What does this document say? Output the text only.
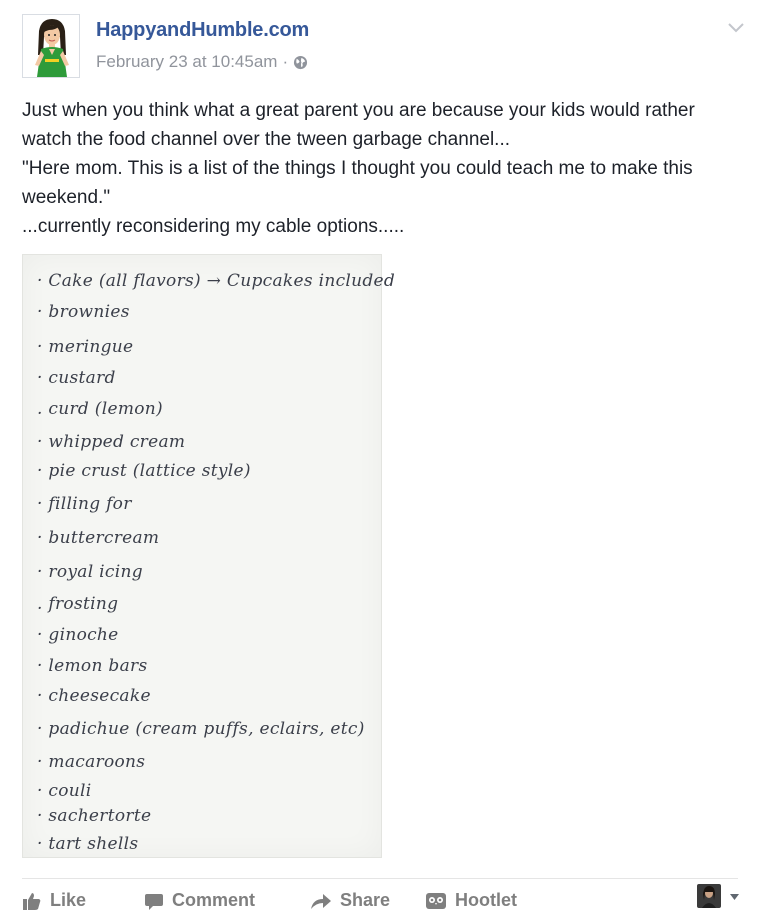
HappyandHumble.com
February 23 at 10:45am ·

Just when you think what a great parent you are because your kids would rather watch the food channel over the tween garbage channel...

"Here mom. This is a list of the things I thought you could teach me to make this weekend."

...currently reconsidering my cable options.....

· Cake (all flavors) → Cupcakes included
· brownies
· meringue
· custard
. curd (lemon)
· whipped cream
· pie crust (lattice style)
· filling for
· buttercream
· royal icing
. frosting
· ginoche
· lemon bars
· cheesecake
· padichue (cream puffs, eclairs, etc)
· macaroons
· couli
· sachertorte
· tart shells
Like	Comment	Share	Hootlet
